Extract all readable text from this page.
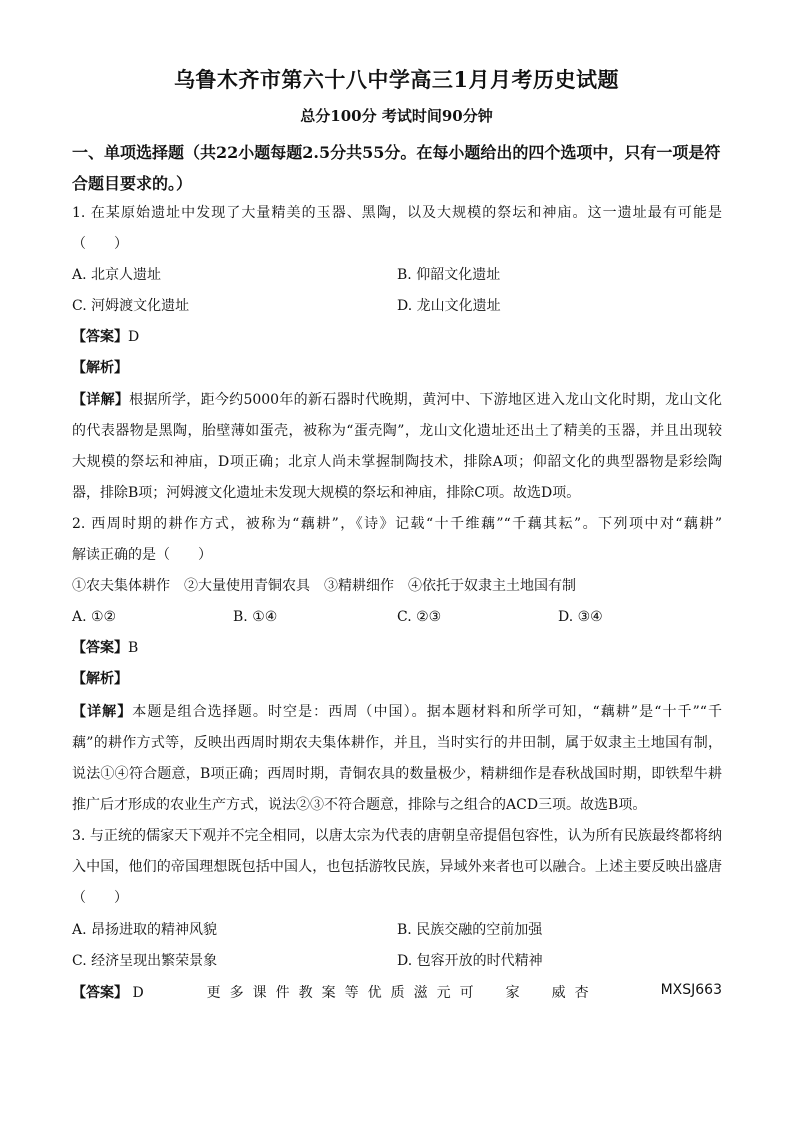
乌鲁木齐市第六十八中学高三1月月考历史试题
总分100分 考试时间90分钟
一、单项选择题（共22小题每题2.5分共55分。在每小题给出的四个选项中，只有一项是符合题目要求的。）
1. 在某原始遗址中发现了大量精美的玉器、黑陶，以及大规模的祭坛和神庙。这一遗址最有可能是
（　　）
A. 北京人遗址	B. 仰韶文化遗址
C. 河姆渡文化遗址	D. 龙山文化遗址
【答案】D
【解析】
【详解】根据所学，距今约5000年的新石器时代晚期，黄河中、下游地区进入龙山文化时期，龙山文化
的代表器物是黑陶，胎壁薄如蛋壳，被称为“蛋壳陶”，龙山文化遗址还出土了精美的玉器，并且出现较
大规模的祭坛和神庙，D项正确；北京人尚未掌握制陶技术，排除A项；仰韶文化的典型器物是彩绘陶
器，排除B项；河姆渡文化遗址未发现大规模的祭坛和神庙，排除C项。故选D项。
2. 西周时期的耕作方式，被称为“藕耕”，《诗》记载“十千维藕”“千藕其耘”。下列项中对“藕耕”
解读正确的是（　　）
①农夫集体耕作　②大量使用青铜农具　③精耕细作　④依托于奴隶主土地国有制
A. ①②	B. ①④	C. ②③	D. ③④
【答案】B
【解析】
【详解】本题是组合选择题。时空是：西周（中国）。据本题材料和所学可知，“藕耕”是“十千”“千
藕”的耕作方式等，反映出西周时期农夫集体耕作，并且，当时实行的井田制，属于奴隶主土地国有制，
说法①④符合题意，B项正确；西周时期，青铜农具的数量极少，精耕细作是春秋战国时期，即铁犁牛耕
推广后才形成的农业生产方式，说法②③不符合题意，排除与之组合的ACD三项。故选B项。
3. 与正统的儒家天下观并不完全相同，以唐太宗为代表的唐朝皇帝提倡包容性，认为所有民族最终都将纳
入中国，他们的帝国理想既包括中国人，也包括游牧民族，异域外来者也可以融合。上述主要反映出盛唐
（　　）
A. 昂扬进取的精神风貌	B. 民族交融的空前加强
C. 经济呈现出繁荣景象	D. 包容开放的时代精神
【答案】 D	更多课件教案等优质滋元可　家　威杏	MXSJ663
